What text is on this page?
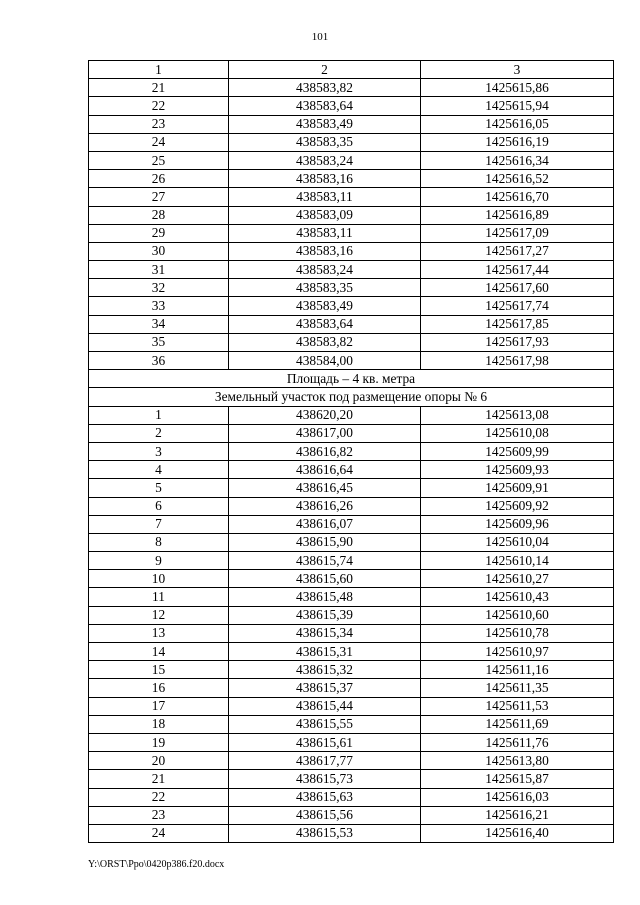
101
1	2	3
21	438583,82	1425615,86
22	438583,64	1425615,94
23	438583,49	1425616,05
24	438583,35	1425616,19
25	438583,24	1425616,34
26	438583,16	1425616,52
27	438583,11	1425616,70
28	438583,09	1425616,89
29	438583,11	1425617,09
30	438583,16	1425617,27
31	438583,24	1425617,44
32	438583,35	1425617,60
33	438583,49	1425617,74
34	438583,64	1425617,85
35	438583,82	1425617,93
36	438584,00	1425617,98
Площадь – 4 кв. метра		
Земельный участок под размещение опоры № 6		
1	438620,20	1425613,08
2	438617,00	1425610,08
3	438616,82	1425609,99
4	438616,64	1425609,93
5	438616,45	1425609,91
6	438616,26	1425609,92
7	438616,07	1425609,96
8	438615,90	1425610,04
9	438615,74	1425610,14
10	438615,60	1425610,27
11	438615,48	1425610,43
12	438615,39	1425610,60
13	438615,34	1425610,78
14	438615,31	1425610,97
15	438615,32	1425611,16
16	438615,37	1425611,35
17	438615,44	1425611,53
18	438615,55	1425611,69
19	438615,61	1425611,76
20	438617,77	1425613,80
21	438615,73	1425615,87
22	438615,63	1425616,03
23	438615,56	1425616,21
24	438615,53	1425616,40
Y:\ORST\Ppo\0420p386.f20.docx
